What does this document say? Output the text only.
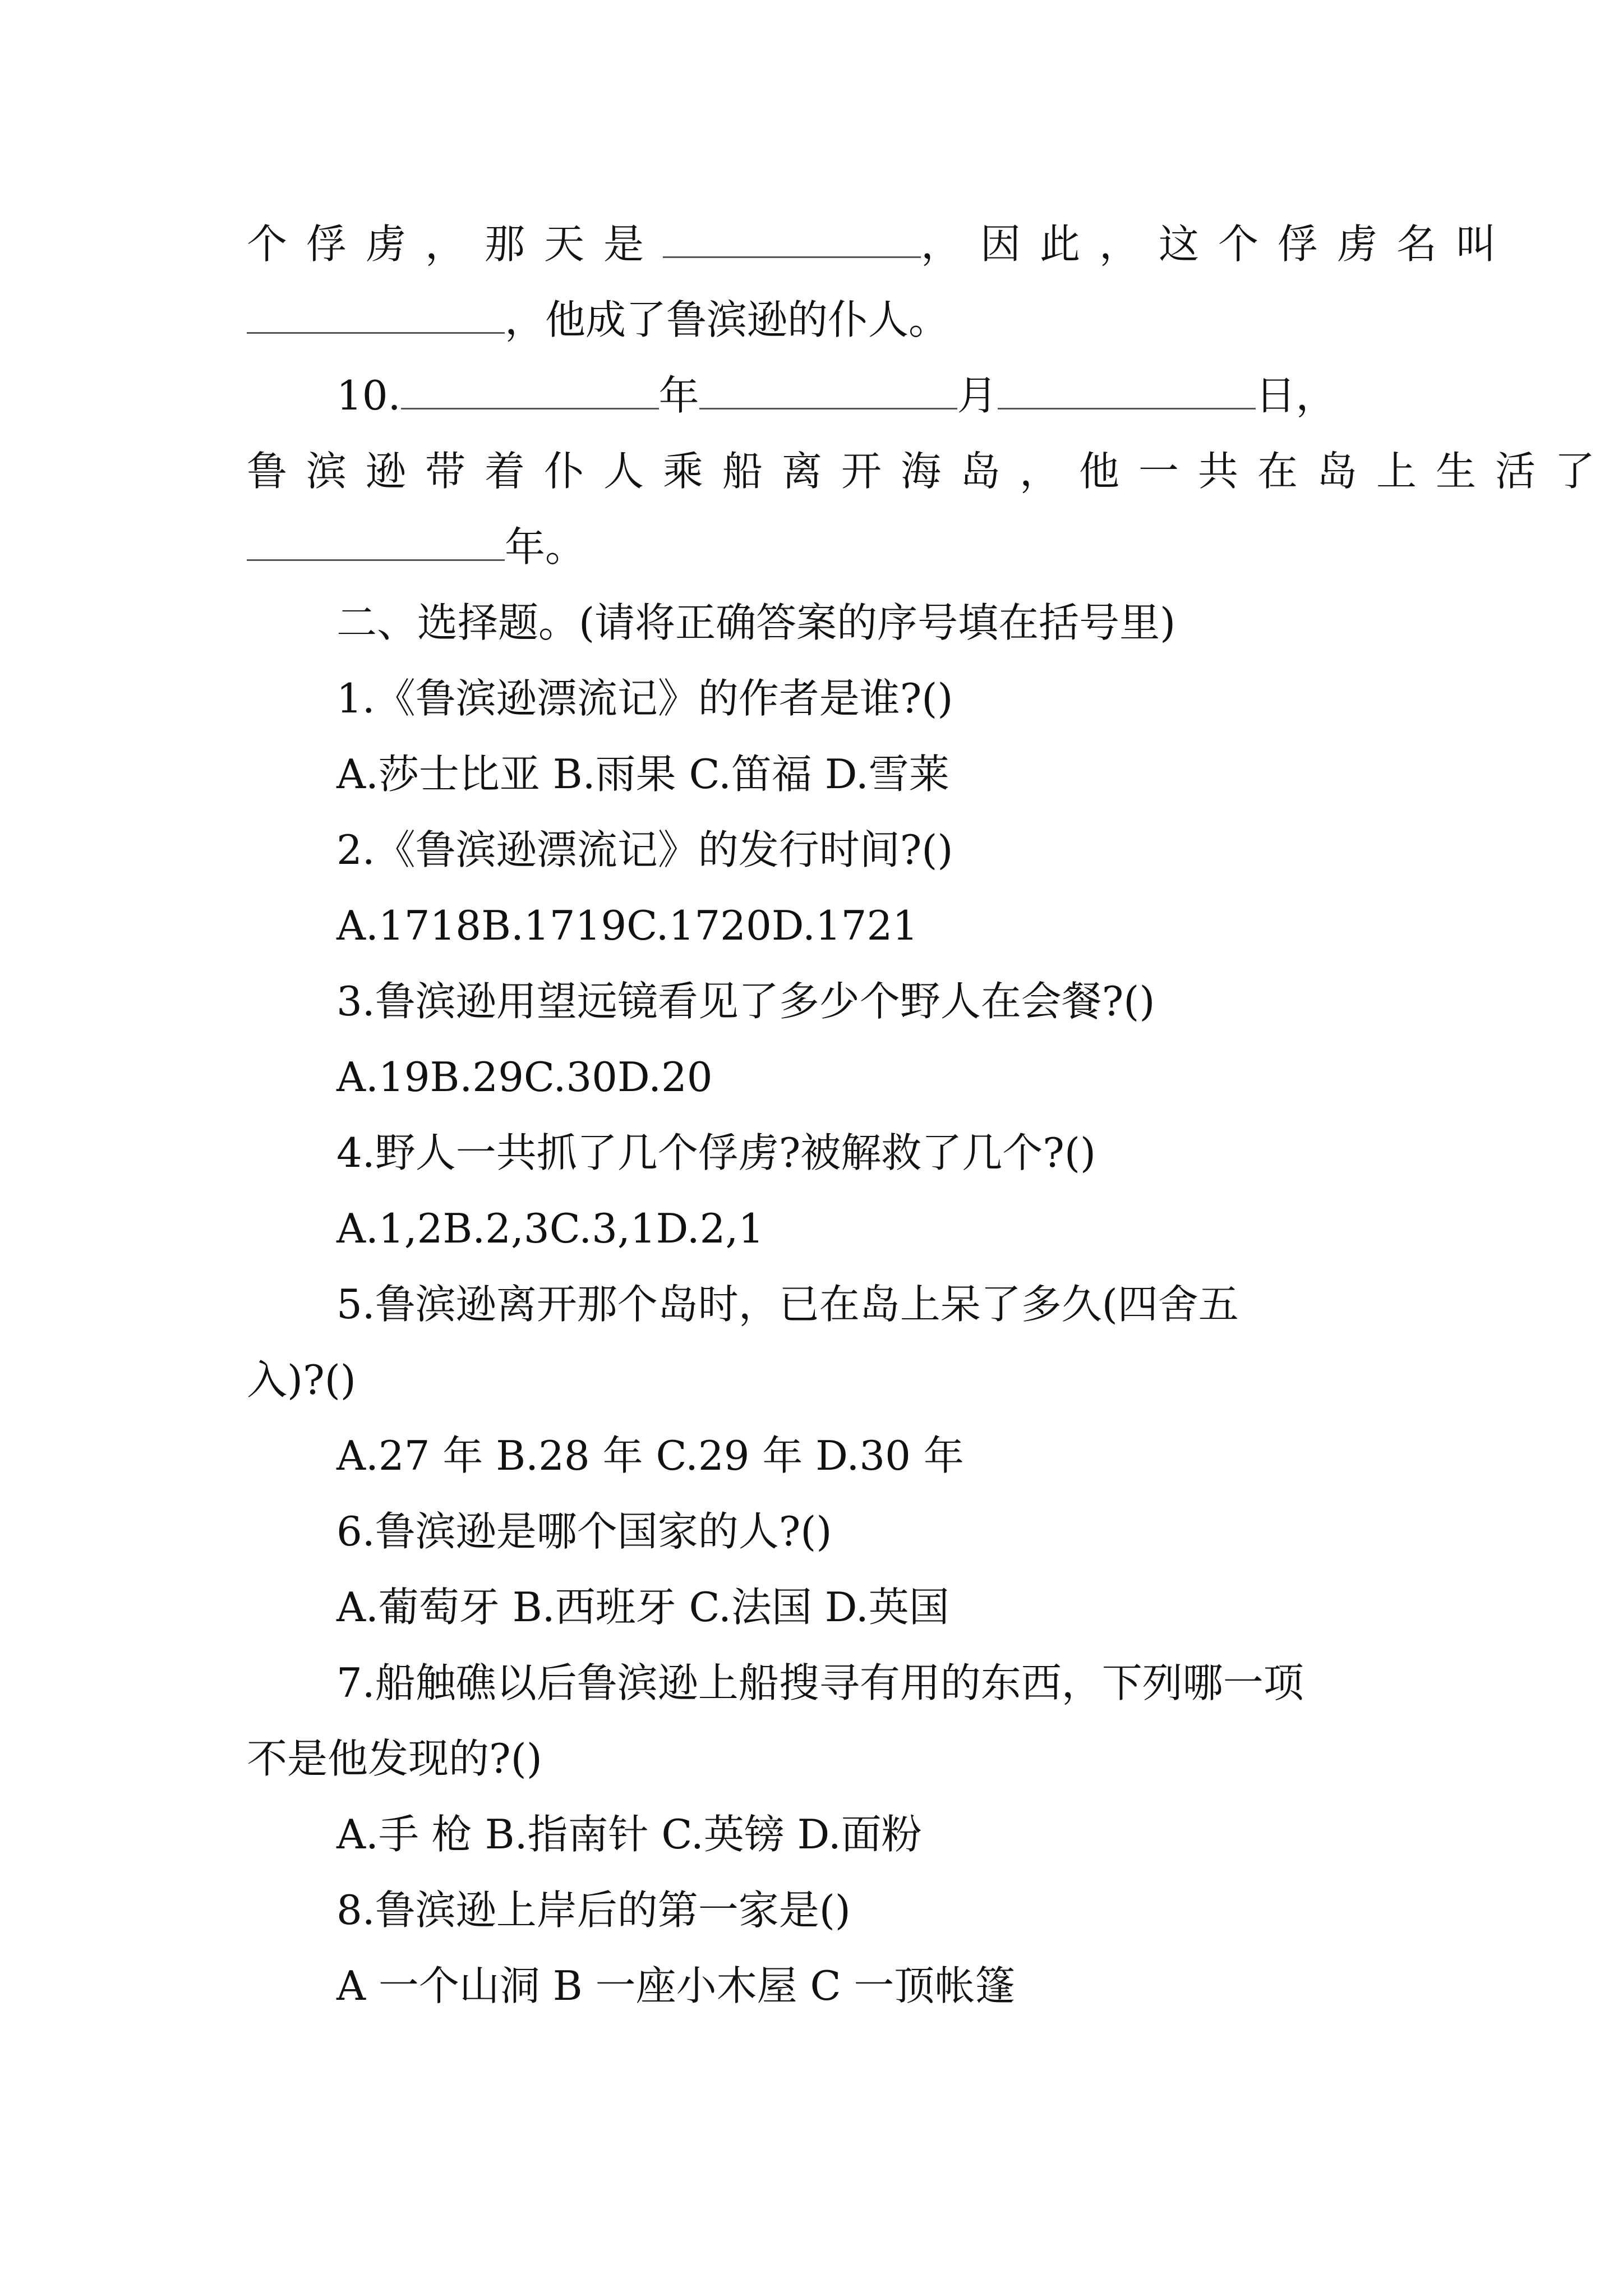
个俘虏，那天是	，因此，这个俘虏名叫
，他成了鲁滨逊的仆人。
10.	年	月	日，
鲁滨逊带着仆人乘船离开海岛，他一共在岛上生活了
年。
二、选择题。(请将正确答案的序号填在括号里)
1.《鲁滨逊漂流记》的作者是谁?()
A.莎士比亚 B.雨果 C.笛福 D.雪莱
2.《鲁滨逊漂流记》的发行时间?()
A.1718B.1719C.1720D.1721
3.鲁滨逊用望远镜看见了多少个野人在会餐?()
A.19B.29C.30D.20
4.野人一共抓了几个俘虏?被解救了几个?()
A.1,2B.2,3C.3,1D.2,1
5.鲁滨逊离开那个岛时，已在岛上呆了多久(四舍五
入)?()
A.27 年 B.28 年 C.29 年 D.30 年
6.鲁滨逊是哪个国家的人?()
A.葡萄牙 B.西班牙 C.法国 D.英国
7.船触礁以后鲁滨逊上船搜寻有用的东西，下列哪一项
不是他发现的?()
A.手 枪 B.指南针 C.英镑 D.面粉
8.鲁滨逊上岸后的第一家是()
A 一个山洞 B 一座小木屋 C 一顶帐篷
